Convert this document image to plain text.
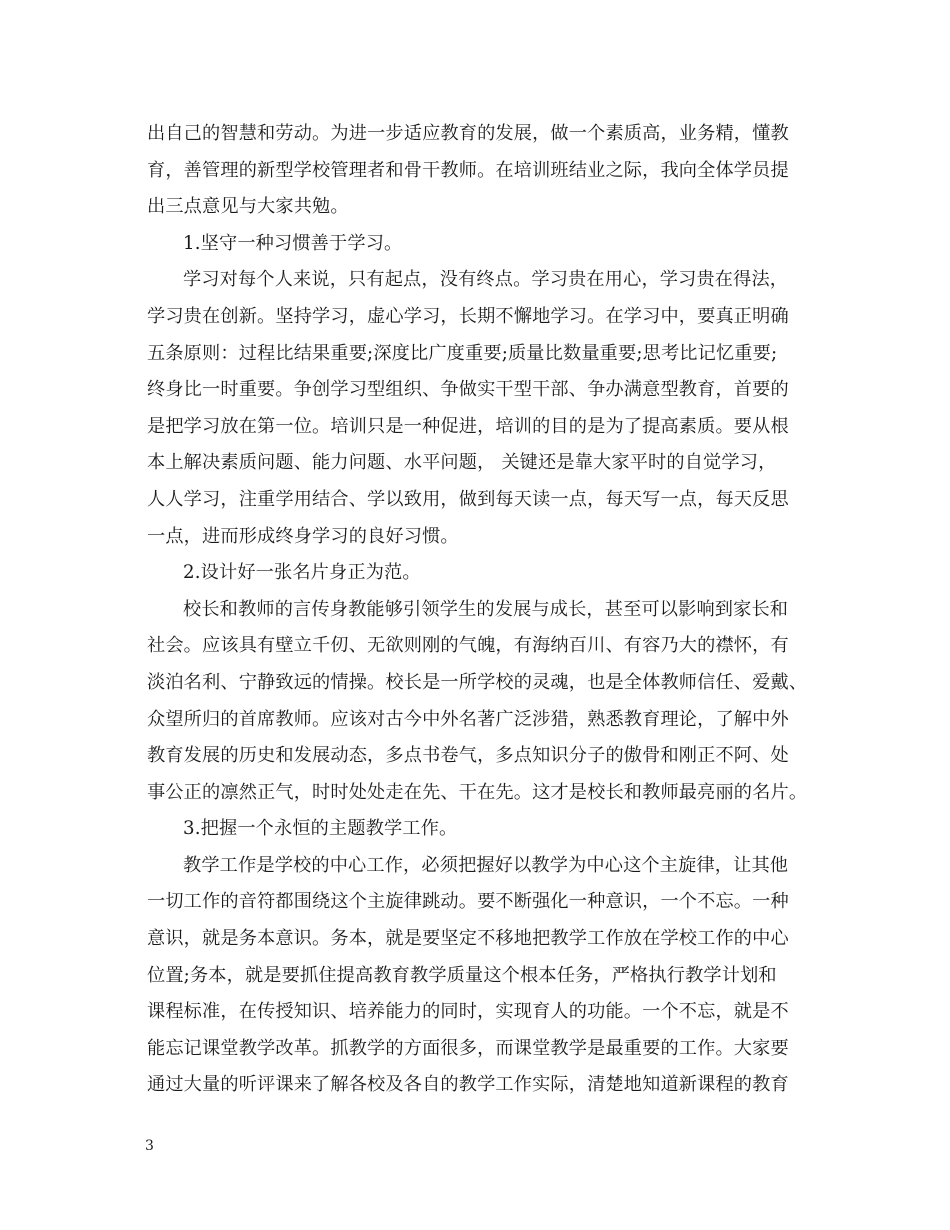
出自己的智慧和劳动。为进一步适应教育的发展，做一个素质高，业务精，懂教
育，善管理的新型学校管理者和骨干教师。在培训班结业之际，我向全体学员提
出三点意见与大家共勉。
1.坚守一种习惯善于学习。
学习对每个人来说，只有起点，没有终点。学习贵在用心，学习贵在得法，
学习贵在创新。坚持学习，虚心学习，长期不懈地学习。在学习中，要真正明确
五条原则：过程比结果重要;深度比广度重要;质量比数量重要;思考比记忆重要;
终身比一时重要。争创学习型组织、争做实干型干部、争办满意型教育，首要的
是把学习放在第一位。培训只是一种促进，培训的目的是为了提高素质。要从根
本上解决素质问题、能力问题、水平问题， 关键还是靠大家平时的自觉学习，
人人学习，注重学用结合、学以致用，做到每天读一点，每天写一点，每天反思
一点，进而形成终身学习的良好习惯。
2.设计好一张名片身正为范。
校长和教师的言传身教能够引领学生的发展与成长，甚至可以影响到家长和
社会。应该具有壁立千仞、无欲则刚的气魄，有海纳百川、有容乃大的襟怀，有
淡泊名利、宁静致远的情操。校长是一所学校的灵魂，也是全体教师信任、爱戴、
众望所归的首席教师。应该对古今中外名著广泛涉猎，熟悉教育理论，了解中外
教育发展的历史和发展动态，多点书卷气，多点知识分子的傲骨和刚正不阿、处
事公正的凛然正气，时时处处走在先、干在先。这才是校长和教师最亮丽的名片。
3.把握一个永恒的主题教学工作。
教学工作是学校的中心工作，必须把握好以教学为中心这个主旋律，让其他
一切工作的音符都围绕这个主旋律跳动。要不断强化一种意识，一个不忘。一种
意识，就是务本意识。务本，就是要坚定不移地把教学工作放在学校工作的中心
位置;务本，就是要抓住提高教育教学质量这个根本任务，严格执行教学计划和
课程标准，在传授知识、培养能力的同时，实现育人的功能。一个不忘，就是不
能忘记课堂教学改革。抓教学的方面很多，而课堂教学是最重要的工作。大家要
通过大量的听评课来了解各校及各自的教学工作实际，清楚地知道新课程的教育
3
